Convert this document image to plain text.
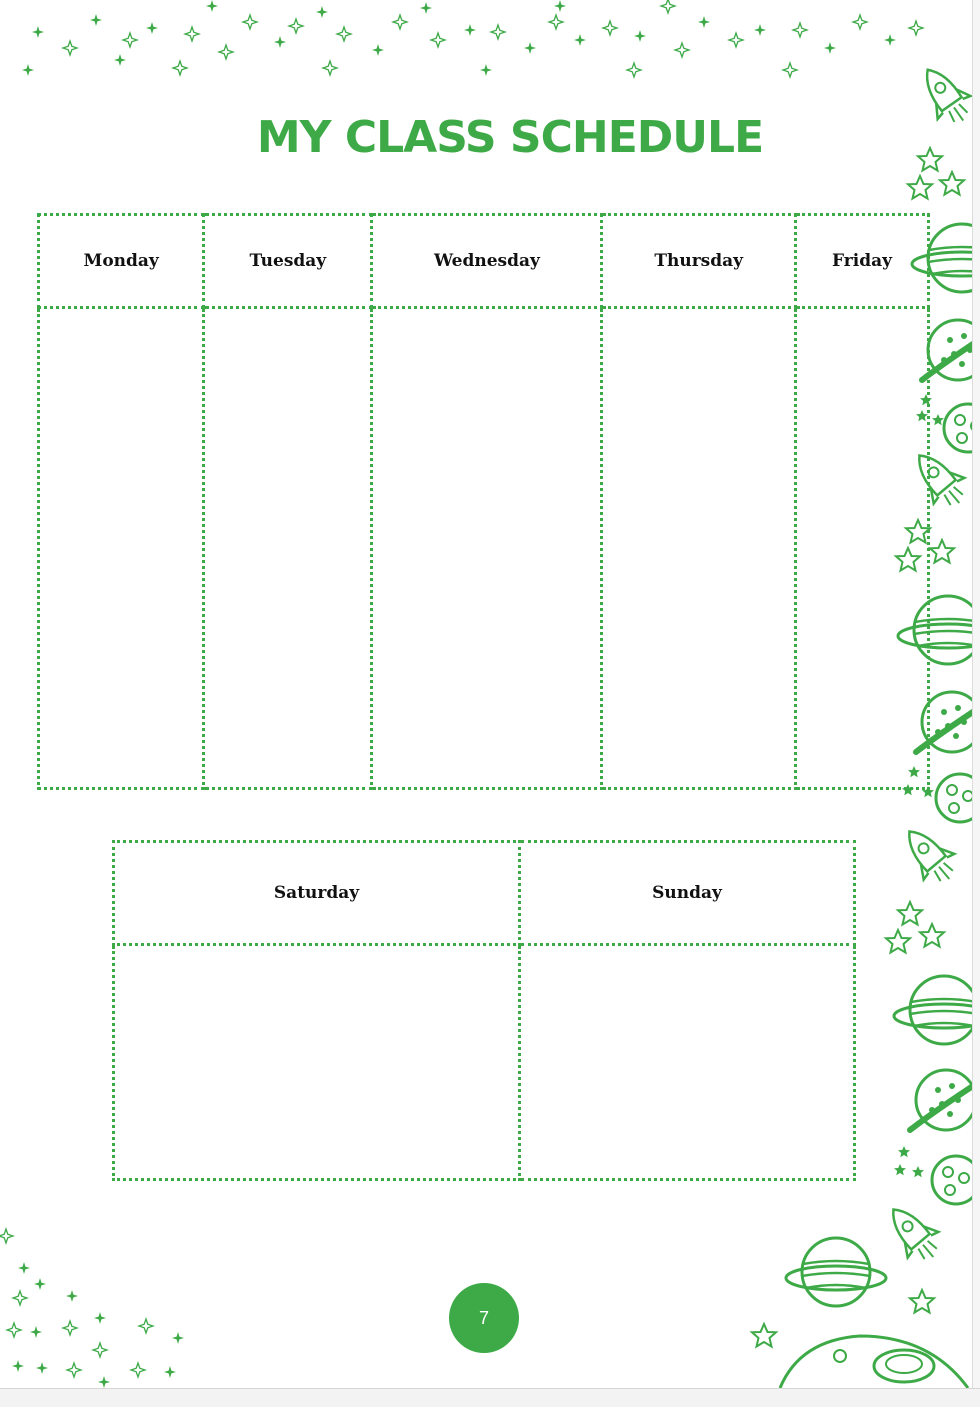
MY CLASS SCHEDULE
Monday	Tuesday	Wednesday	Thursday	Friday

Saturday	Sunday

7
